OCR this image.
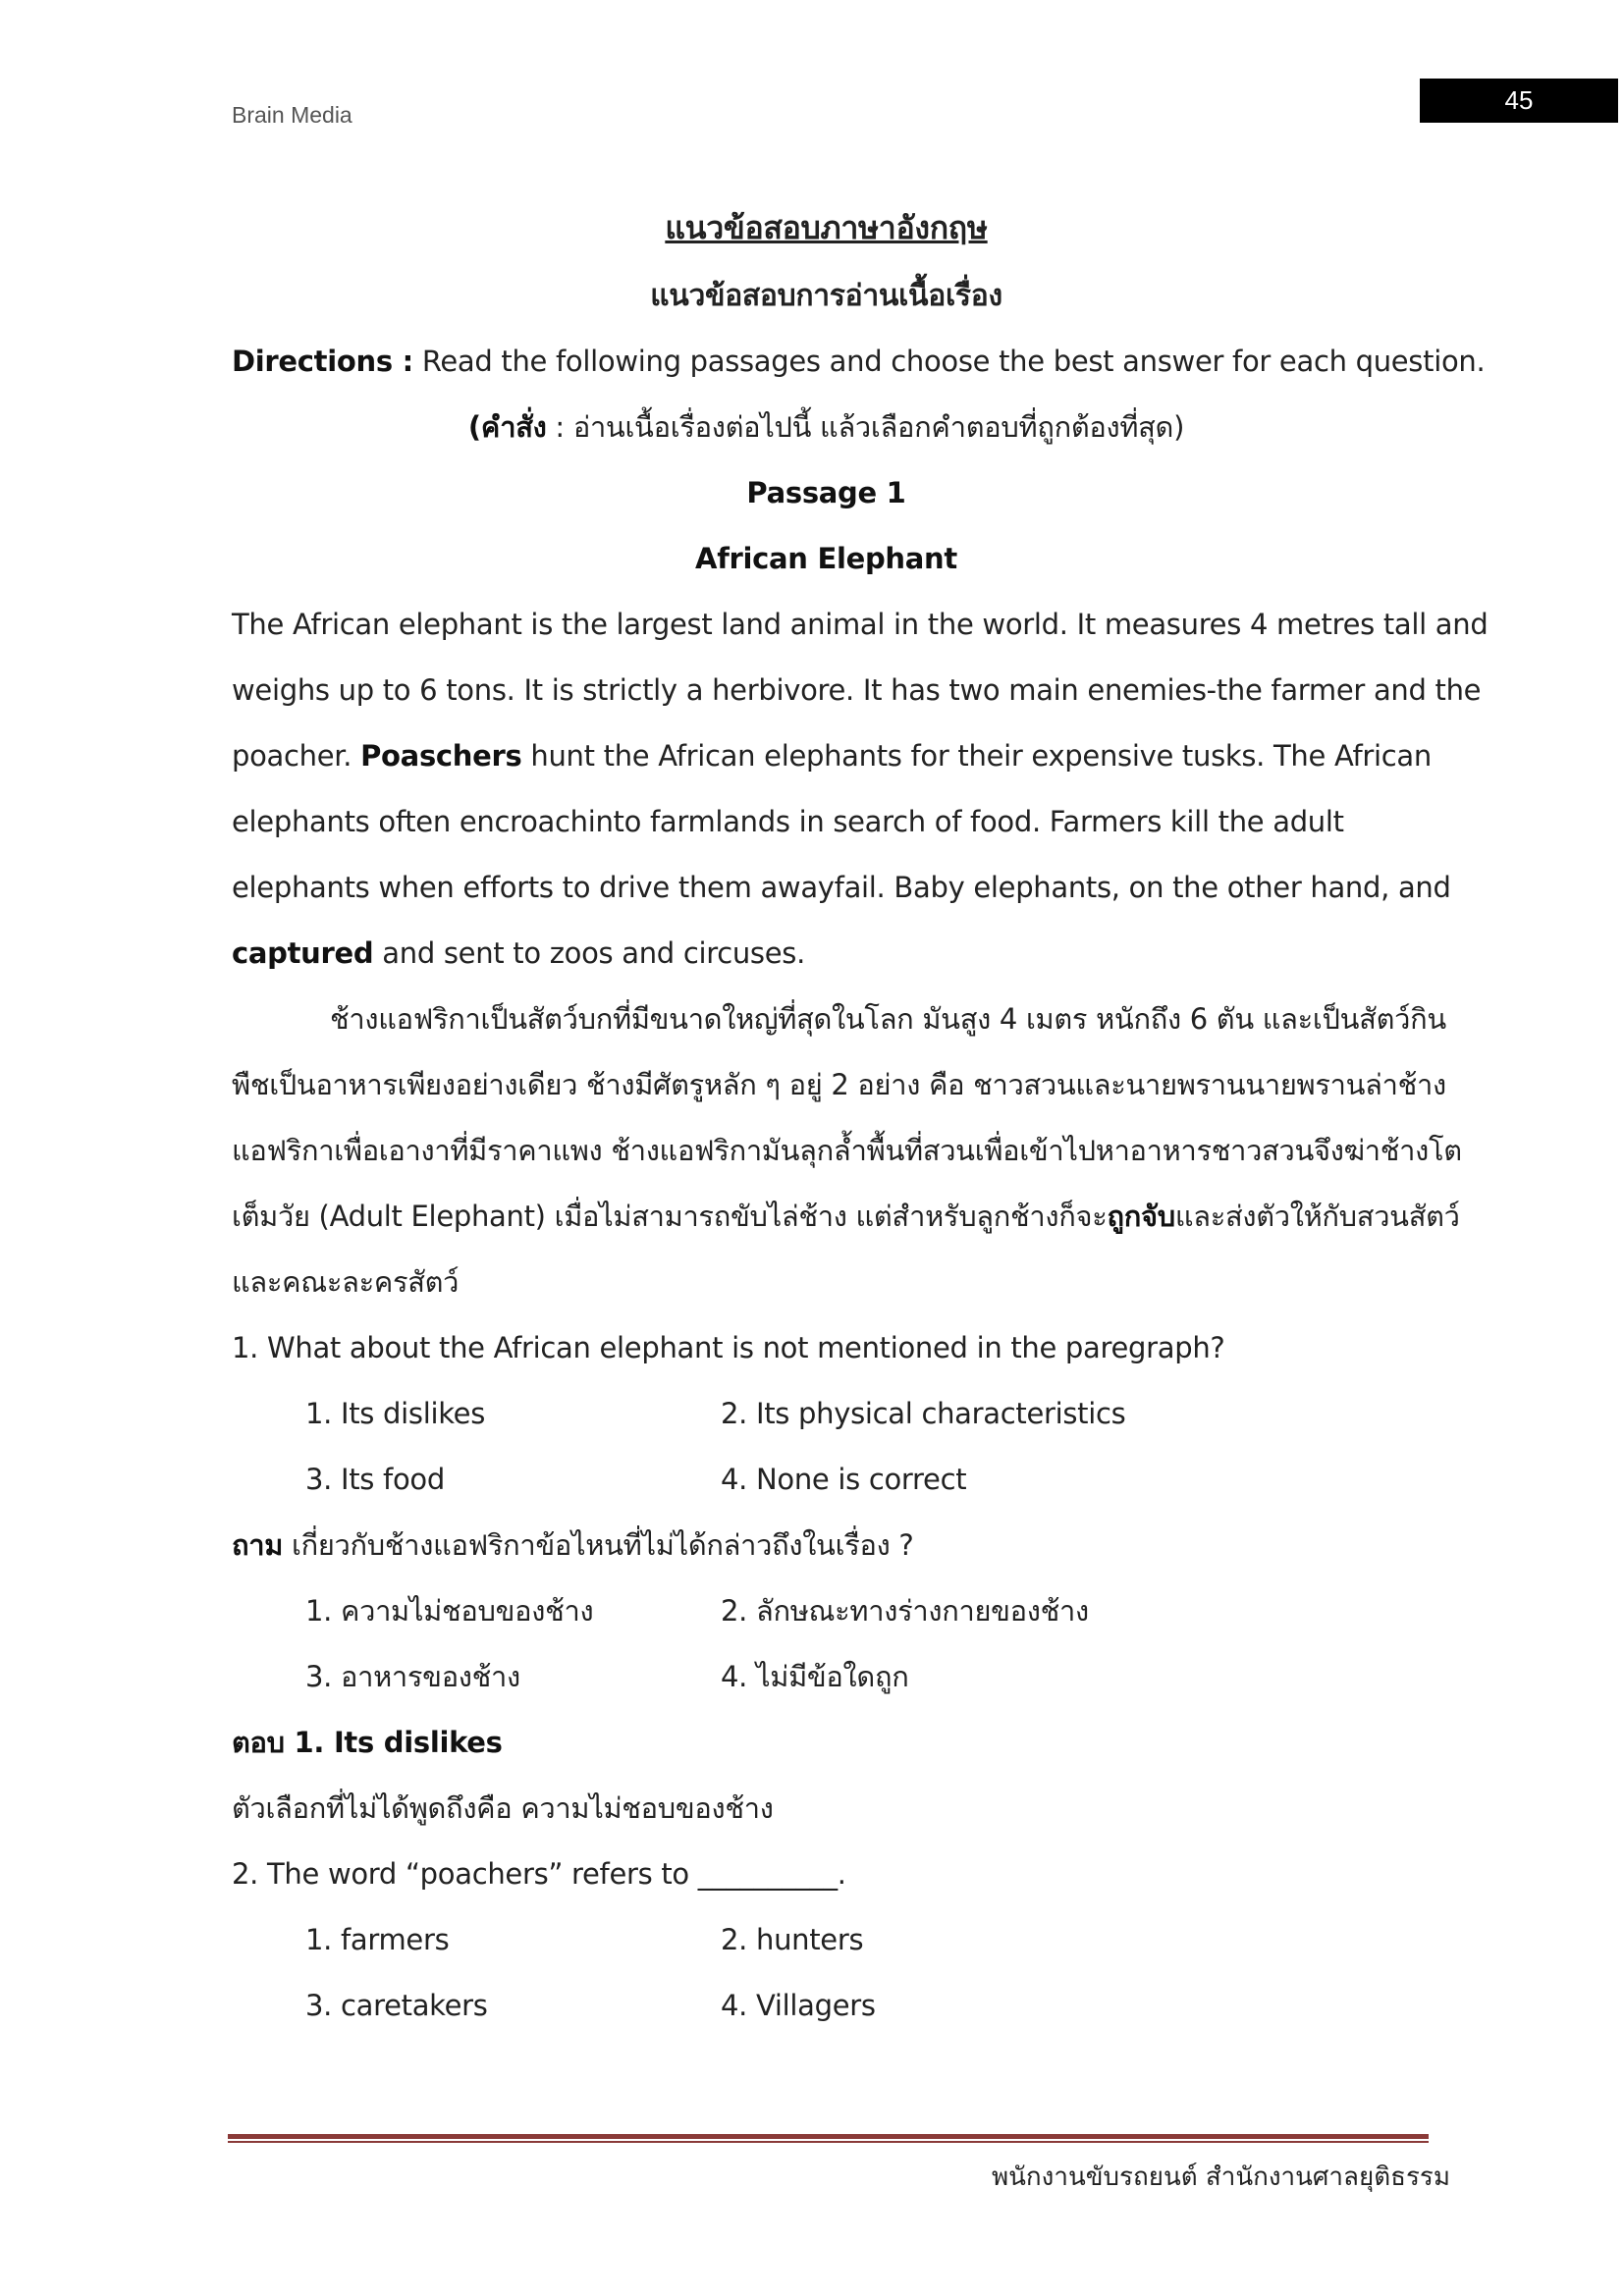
Brain Media	45
แนวข้อสอบภาษาอังกฤษ
แนวข้อสอบการอ่านเนื้อเรื่อง
Directions : Read the following passages and choose the best answer for each question.
(คำสั่ง : อ่านเนื้อเรื่องต่อไปนี้ แล้วเลือกคำตอบที่ถูกต้องที่สุด)
Passage 1
African Elephant
The African elephant is the largest land animal in the world. It measures 4 metres tall and
weighs up to 6 tons. It is strictly a herbivore. It has two main enemies-the farmer and the
poacher. Poaschers hunt the African elephants for their expensive tusks. The African
elephants often encroachinto farmlands in search of food. Farmers kill the adult
elephants when efforts to drive them awayfail. Baby elephants, on the other hand, and
captured and sent to zoos and circuses.
ช้างแอฟริกาเป็นสัตว์บกที่มีขนาดใหญ่ที่สุดในโลก มันสูง 4 เมตร หนักถึง 6 ตัน และเป็นสัตว์กิน
พืชเป็นอาหารเพียงอย่างเดียว ช้างมีศัตรูหลัก ๆ อยู่ 2 อย่าง คือ ชาวสวนและนายพรานนายพรานล่าช้าง
แอฟริกาเพื่อเอางาที่มีราคาแพง ช้างแอฟริกามันลุกล้ำพื้นที่สวนเพื่อเข้าไปหาอาหารชาวสวนจึงฆ่าช้างโต
เต็มวัย (Adult Elephant) เมื่อไม่สามารถขับไล่ช้าง แต่สำหรับลูกช้างก็จะถูกจับและส่งตัวให้กับสวนสัตว์
และคณะละครสัตว์
1. What about the African elephant is not mentioned in the paregraph?
1. Its dislikes	2. Its physical characteristics
3. Its food	4. None is correct
ถาม เกี่ยวกับช้างแอฟริกาข้อไหนที่ไม่ได้กล่าวถึงในเรื่อง ?
1. ความไม่ชอบของช้าง	2. ลักษณะทางร่างกายของช้าง
3. อาหารของช้าง	4. ไม่มีข้อใดถูก
ตอบ 1. Its dislikes
ตัวเลือกที่ไม่ได้พูดถึงคือ ความไม่ชอบของช้าง
2. The word “poachers” refers to __________.
1. farmers	2. hunters
3. caretakers	4. Villagers
พนักงานขับรถยนต์ สำนักงานศาลยุติธรรม
